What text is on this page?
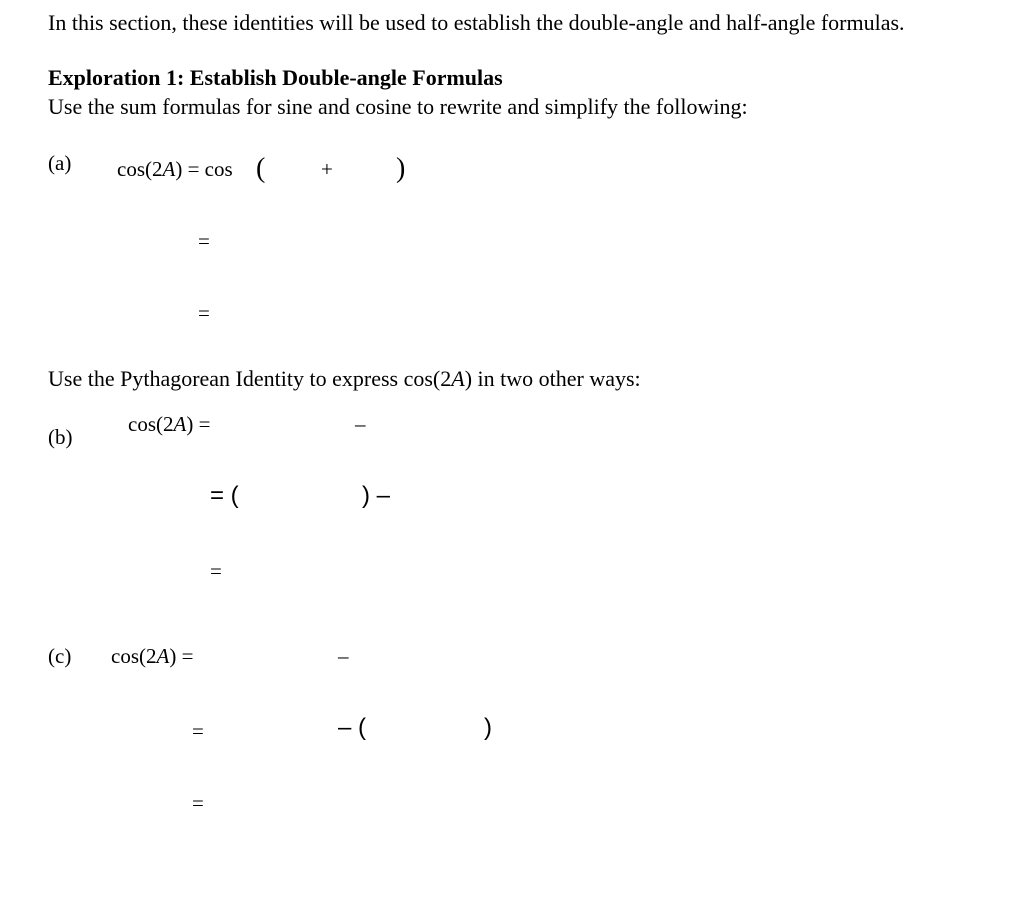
In this section, these identities will be used to establish the double-angle and half-angle formulas.
Exploration 1: Establish Double-angle Formulas
Use the sum formulas for sine and cosine to rewrite and simplify the following:
(a) cos(2A) = cos (	+ )
=
=
Use the Pythagorean Identity to express cos(2A) in two other ways:
(b)
cos(2A) =	–
= (	) –
=
(c) cos(2A) =	–
=	– (	)
=
